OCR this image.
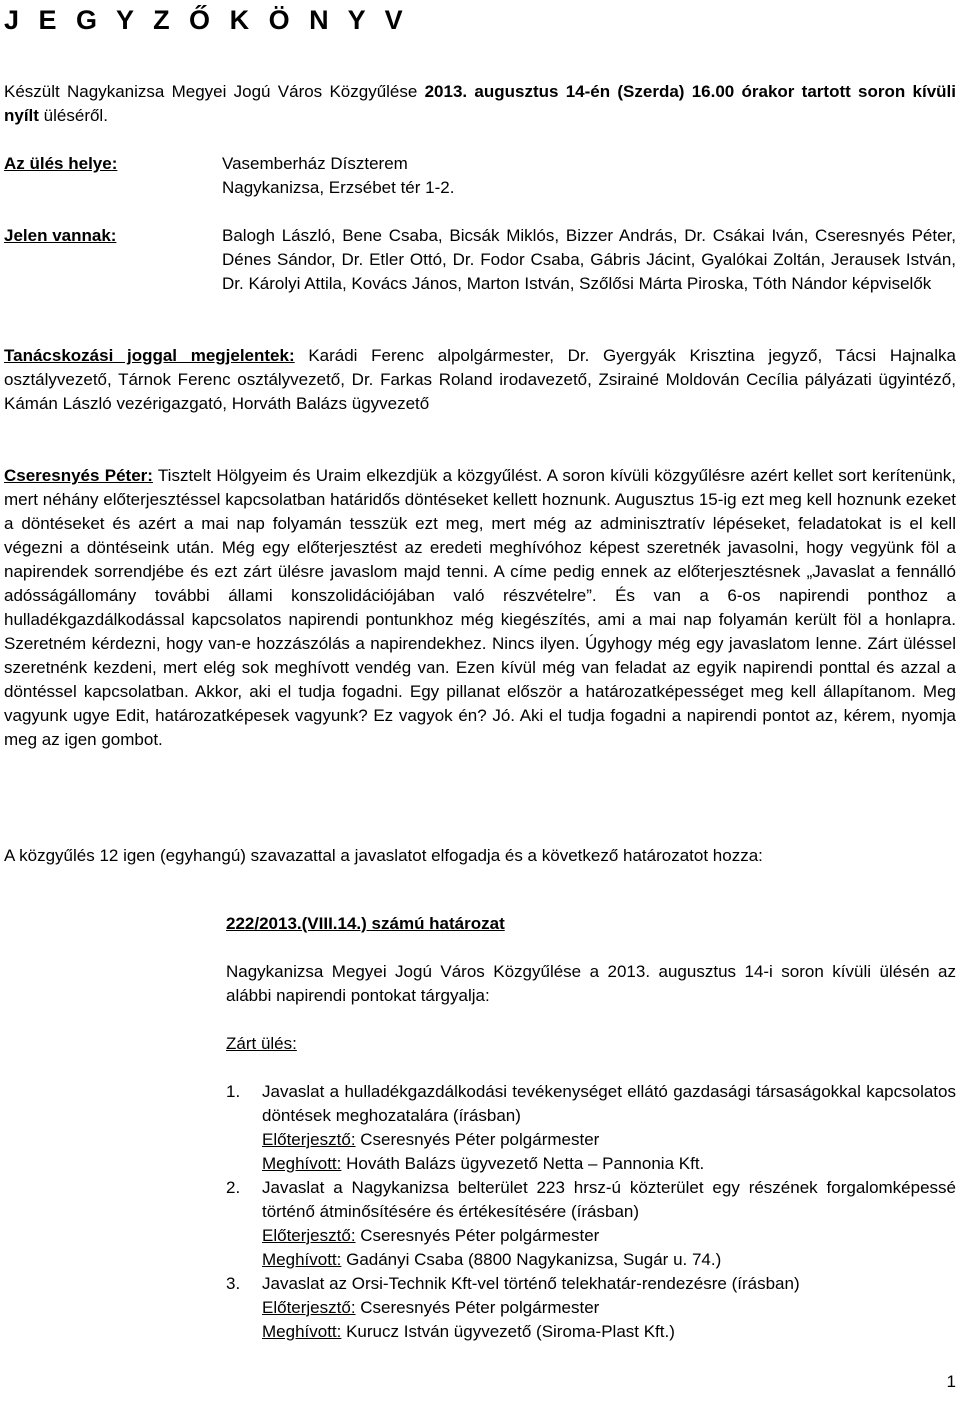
J E G Y Z Ő K Ö N Y V

Készült Nagykanizsa Megyei Jogú Város Közgyűlése 2013. augusztus 14-én (Szerda) 16.00 órakor tartott soron kívüli nyílt üléséről.

Az ülés helye:	Vasemberház Díszterem
Nagykanizsa, Erzsébet tér 1-2.
Jelen vannak:	Balogh László, Bene Csaba, Bicsák Miklós, Bizzer András, Dr. Csákai Iván, Cseresnyés Péter, Dénes Sándor, Dr. Etler Ottó, Dr. Fodor Csaba, Gábris Jácint, Gyalókai Zoltán, Jerausek István, Dr. Károlyi Attila, Kovács János, Marton István, Szőlősi Márta Piroska, Tóth Nándor képviselők

Tanácskozási joggal megjelentek: Karádi Ferenc alpolgármester, Dr. Gyergyák Krisztina jegyző, Tácsi Hajnalka osztályvezető, Tárnok Ferenc osztályvezető, Dr. Farkas Roland irodavezető, Zsirainé Moldován Cecília pályázati ügyintéző, Kámán László vezérigazgató, Horváth Balázs ügyvezető

Cseresnyés Péter: Tisztelt Hölgyeim és Uraim elkezdjük a közgyűlést. A soron kívüli közgyűlésre azért kellet sort kerítenünk, mert néhány előterjesztéssel kapcsolatban határidős döntéseket kellett hoznunk. Augusztus 15-ig ezt meg kell hoznunk ezeket a döntéseket és azért a mai nap folyamán tesszük ezt meg, mert még az adminisztratív lépéseket, feladatokat is el kell végezni a döntéseink után. Még egy előterjesztést az eredeti meghívóhoz képest szeretnék javasolni, hogy vegyünk föl a napirendek sorrendjébe és ezt zárt ülésre javaslom majd tenni. A címe pedig ennek az előterjesztésnek „Javaslat a fennálló adósságállomány további állami konszolidációjában való részvételre”. És van a 6-os napirendi ponthoz a hulladékgazdálkodással kapcsolatos napirendi pontunkhoz még kiegészítés, ami a mai nap folyamán került föl a honlapra. Szeretném kérdezni, hogy van-e hozzászólás a napirendekhez. Nincs ilyen. Úgyhogy még egy javaslatom lenne. Zárt üléssel szeretnénk kezdeni, mert elég sok meghívott vendég van. Ezen kívül még van feladat az egyik napirendi ponttal és azzal a döntéssel kapcsolatban. Akkor, aki el tudja fogadni. Egy pillanat először a határozatképességet meg kell állapítanom. Meg vagyunk ugye Edit, határozatképesek vagyunk? Ez vagyok én? Jó. Aki el tudja fogadni a napirendi pontot az, kérem, nyomja meg az igen gombot.

A közgyűlés 12 igen (egyhangú) szavazattal a javaslatot elfogadja és a következő határozatot hozza:

222/2013.(VIII.14.) számú határozat

Nagykanizsa Megyei Jogú Város Közgyűlése a 2013. augusztus 14-i soron kívüli ülésén az alábbi napirendi pontokat tárgyalja:

Zárt ülés:
1. Javaslat a hulladékgazdálkodási tevékenységet ellátó gazdasági társaságokkal kapcsolatos döntések meghozatalára (írásban)

Előterjesztő: Cseresnyés Péter polgármester

Meghívott: Hováth Balázs ügyvezető Netta – Pannonia Kft.

2. Javaslat a Nagykanizsa belterület 223 hrsz-ú közterület egy részének forgalomképessé történő átminősítésére és értékesítésére (írásban)

Előterjesztő: Cseresnyés Péter polgármester

Meghívott: Gadányi Csaba (8800 Nagykanizsa, Sugár u. 74.)

3. Javaslat az Orsi-Technik Kft-vel történő telekhatár-rendezésre (írásban)

Előterjesztő: Cseresnyés Péter polgármester

Meghívott: Kurucz István ügyvezető (Siroma-Plast Kft.)

1
